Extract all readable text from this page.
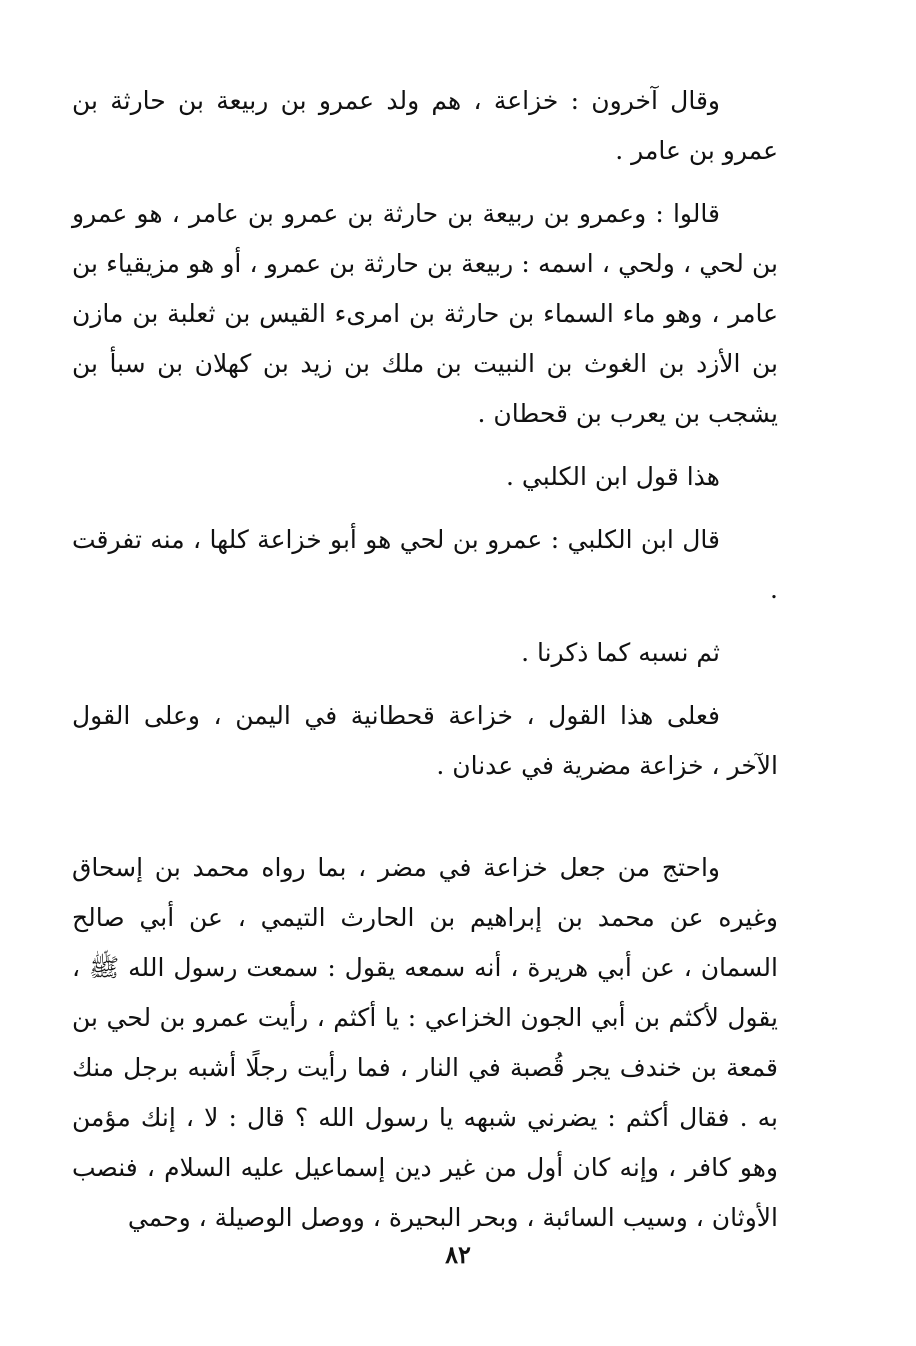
وقال آخرون : خزاعة ، هم ولد عمرو بن ربيعة بن حارثة بن عمرو بن عامر .

قالوا : وعمرو بن ربيعة بن حارثة بن عمرو بن عامر ، هو عمرو بن لحي ، ولحي ، اسمه : ربيعة بن حارثة بن عمرو ، أو هو مزيقياء بن عامر ، وهو ماء السماء بن حارثة بن امرىء القيس بن ثعلبة بن مازن بن الأزد بن الغوث بن النبيت بن ملك بن زيد بن كهلان بن سبأ بن يشجب بن يعرب بن قحطان .

هذا قول ابن الكلبي .

قال ابن الكلبي : عمرو بن لحي هو أبو خزاعة كلها ، منه تفرقت .

ثم نسبه كما ذكرنا .

فعلى هذا القول ، خزاعة قحطانية في اليمن ، وعلى القول الآخر ، خزاعة مضرية في عدنان .

واحتج من جعل خزاعة في مضر ، بما رواه محمد بن إسحاق وغيره عن محمد بن إبراهيم بن الحارث التيمي ، عن أبي صالح السمان ، عن أبي هريرة ، أنه سمعه يقول : سمعت رسول الله ﷺ ، يقول لأكثم بن أبي الجون الخزاعي : يا أكثم ، رأيت عمرو بن لحي بن قمعة بن خندف يجر قُصبة في النار ، فما رأيت رجلًا أشبه برجل منك به . فقال أكثم : يضرني شبهه يا رسول الله ؟ قال : لا ، إنك مؤمن وهو كافر ، وإنه كان أول من غير دين إسماعيل عليه السلام ، فنصب الأوثان ، وسيب السائبة ، وبحر البحيرة ، ووصل الوصيلة ، وحمي

٨٢
